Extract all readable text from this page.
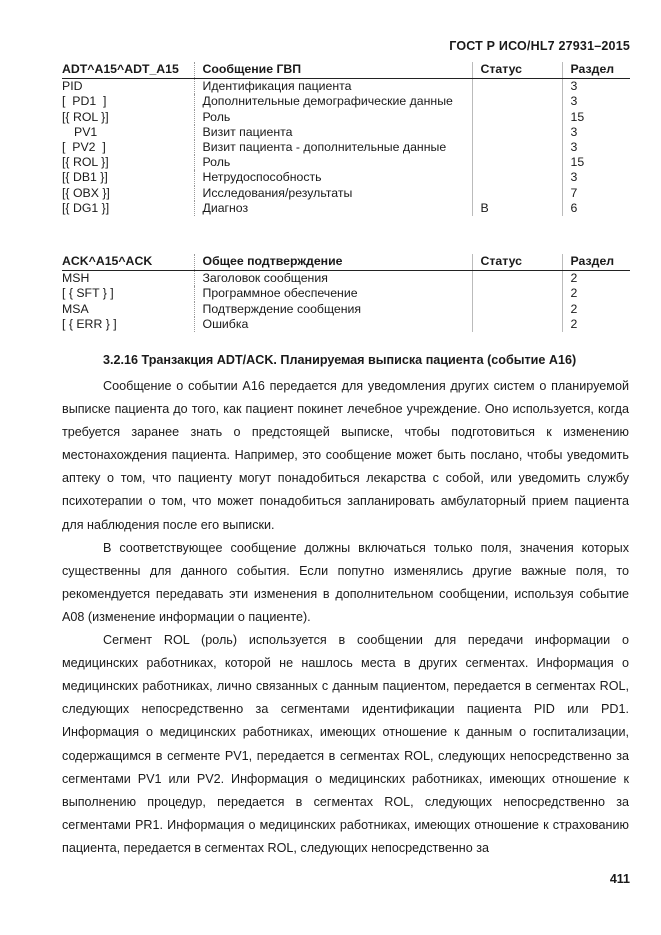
ГОСТ Р ИСО/HL7 27931–2015
ADT^A15^ADT_A15	Сообщение ГВП	Статус	Раздел
PID	Идентификация пациента		3
[  PD1  ]	Дополнительные демографические данные		3
[{ ROL }]	Роль		15
PV1	Визит пациента		3
[  PV2  ]	Визит пациента - дополнительные данные		3
[{ ROL }]	Роль		15
[{ DB1 }]	Нетрудоспособность		3
[{ OBX }]	Исследования/результаты		7
[{ DG1 }]	Диагноз	B	6
ACK^A15^ACK	Общее подтверждение	Статус	Раздел
MSH	Заголовок сообщения		2
[ { SFT } ]	Программное обеспечение		2
MSA	Подтверждение сообщения		2
[ { ERR } ]	Ошибка		2
3.2.16 Транзакция ADT/ACK. Планируемая выписка пациента (событие A16)

Сообщение о событии A16 передается для уведомления других систем о планируемой выписке пациента до того, как пациент покинет лечебное учреждение. Оно используется, когда требуется заранее знать о предстоящей выписке, чтобы подготовиться к изменению местонахождения пациента. Например, это сообщение может быть послано, чтобы уведомить аптеку о том, что пациенту могут понадобиться лекарства с собой, или уведомить службу психотерапии о том, что может понадобиться запланировать амбулаторный прием пациента для наблюдения после его выписки.

В соответствующее сообщение должны включаться только поля, значения которых существенны для данного события. Если попутно изменялись другие важные поля, то рекомендуется передавать эти изменения в дополнительном сообщении, используя событие A08 (изменение информации о пациенте).

Сегмент ROL (роль) используется в сообщении для передачи информации о медицинских работниках, которой не нашлось места в других сегментах. Информация о медицинских работниках, лично связанных с данным пациентом, передается в сегментах ROL, следующих непосредственно за сегментами идентификации пациента PID или PD1. Информация о медицинских работниках, имеющих отношение к данным о госпитализации, содержащимся в сегменте PV1, передается в сегментах ROL, следующих непосредственно за сегментами PV1 или PV2. Информация о медицинских работниках, имеющих отношение к выполнению процедур, передается в сегментах ROL, следующих непосредственно за сегментами PR1. Информация о медицинских работниках, имеющих отношение к страхованию пациента, передается в сегментах ROL, следующих непосредственно за

411
